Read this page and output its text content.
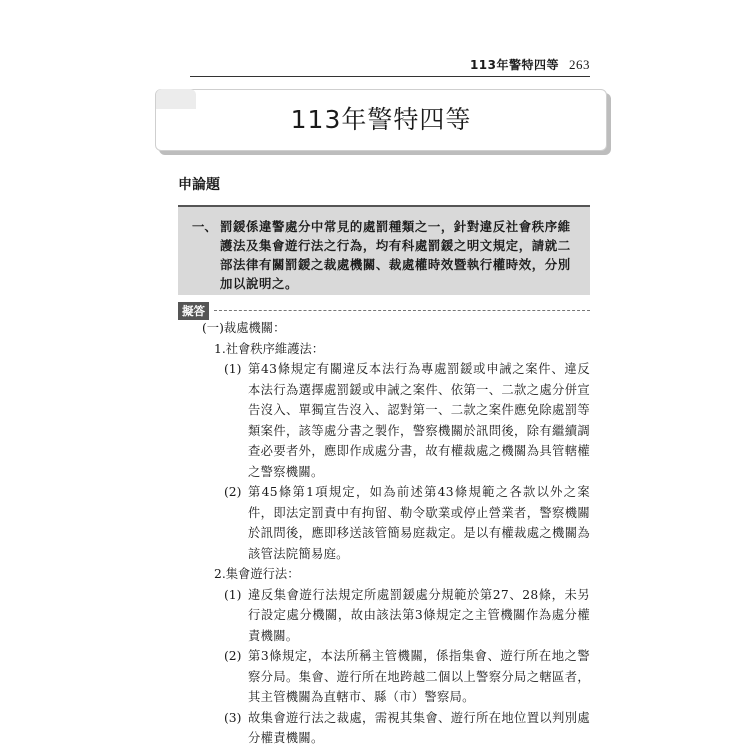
113年警特四等 263
113年警特四等
申論題
一、 罰鍰係違警處分中常見的處罰種類之一，針對違反社會秩序維護法及集會遊行法之行為，均有科處罰鍰之明文規定，請就二部法律有關罰鍰之裁處機關、裁處權時效暨執行權時效，分別加以說明之。
擬答
(一)裁處機關：
1.社會秩序維護法：
(1) 第43條規定有關違反本法行為專處罰鍰或申誡之案件、違反本法行為選擇處罰鍰或申誡之案件、依第一、二款之處分併宣告沒入、單獨宣告沒入、認對第一、二款之案件應免除處罰等類案件，該等處分書之製作，警察機關於訊問後，除有繼續調查必要者外，應即作成處分書，故有權裁處之機關為具管轄權之警察機關。
(2) 第45條第1項規定，如為前述第43條規範之各款以外之案件，即法定罰責中有拘留、勒令歇業或停止營業者，警察機關於訊問後，應即移送該管簡易庭裁定。是以有權裁處之機關為該管法院簡易庭。
2.集會遊行法：
(1) 違反集會遊行法規定所處罰鍰處分規範於第27、28條，未另行設定處分機關，故由該法第3條規定之主管機關作為處分權責機關。
(2) 第3條規定，本法所稱主管機關，係指集會、遊行所在地之警察分局。集會、遊行所在地跨越二個以上警察分局之轄區者，其主管機關為直轄市、縣（市）警察局。
(3) 故集會遊行法之裁處，需視其集會、遊行所在地位置以判別處分權責機關。
